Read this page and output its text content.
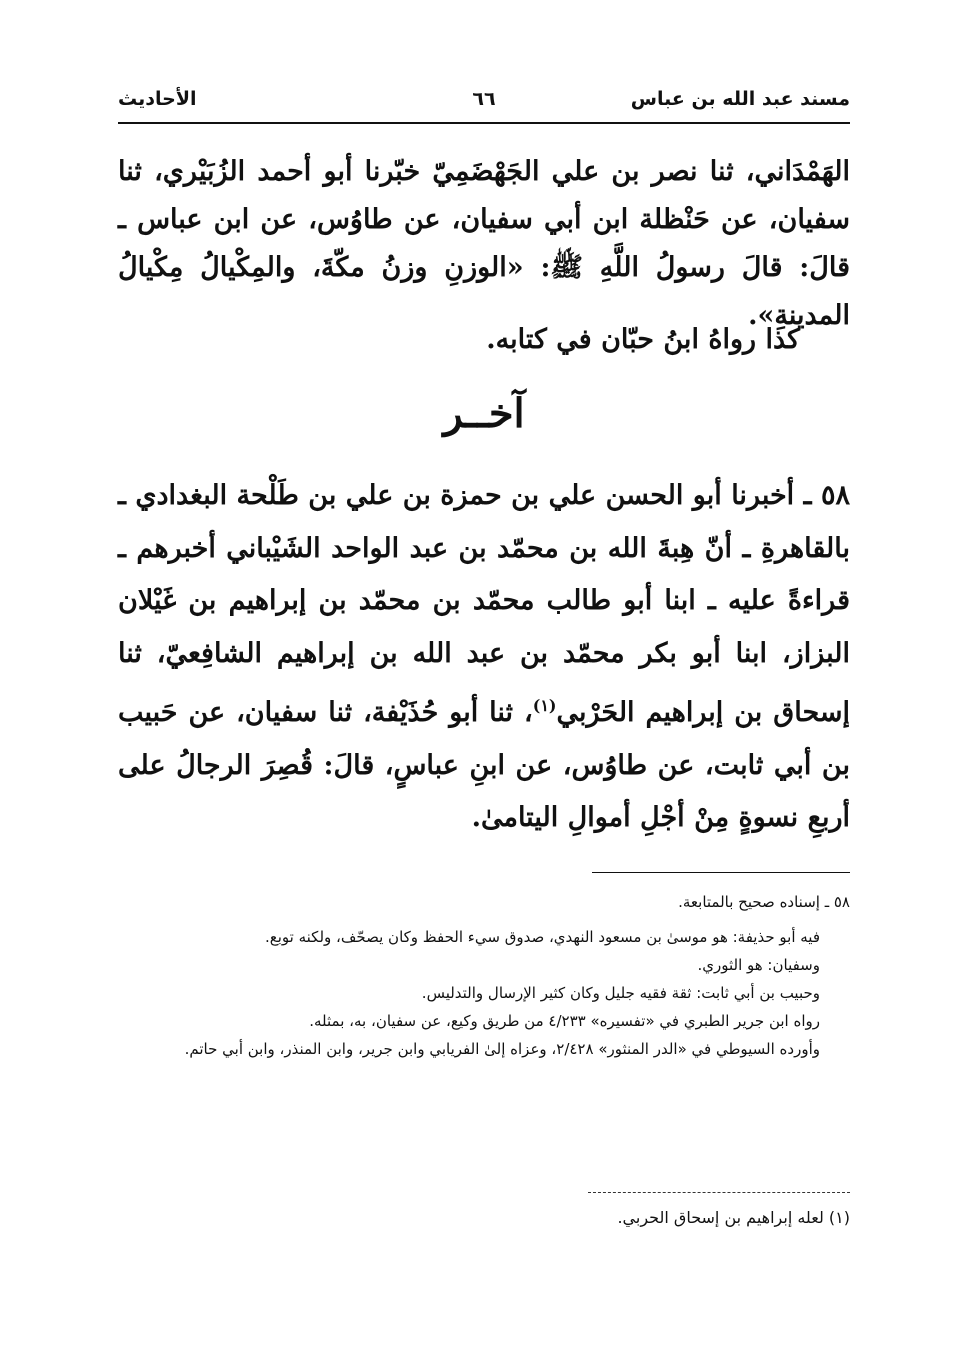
مسند عبد الله بن عباس
٦٦
الأحاديث
الهَمْدَاني، ثنا نصر بن علي الجَهْضَمِيّ خبّرنا أبو أحمد الزُبَيْري، ثنا سفيان، عن حَنْظلة ابن أبي سفيان، عن طاوُس، عن ابن عباس ـ قالَ: قالَ رسولُ اللَّهِ ﷺ: «الوزنِ وزنُ مكّةَ، والمِكْيالُ مِكْيالُ المدينةِ».
كذا رواهُ ابنُ حبّان في كتابه.
آخــر
٥٨ ـ أخبرنا أبو الحسن علي بن حمزة بن علي بن طَلْحة البغدادي ـ بالقاهرةِ ـ أنّ هِبةَ الله بن محمّد بن عبد الواحد الشَيْباني أخبرهم ـ قراءةً عليه ـ ابنا أبو طالب محمّد بن محمّد بن إبراهيم بن غَيْلان البزاز، ابنا أبو بكر محمّد بن عبد الله بن إبراهيم الشافِعيّ، ثنا إسحاق بن إبراهيم الحَرْبي$^{(١)}$، ثنا أبو حُذَيْفة، ثنا سفيان، عن حَبيب بن أبي ثابت، عن طاوُس، عن ابنِ عباسٍ، قالَ: قُصِرَ الرجالُ على أربعِ نسوةٍ مِنْ أجْلِ أموالِ اليتامىٰ.
٥٨ ـ إسناده صحيح بالمتابعة.
فيه أبو حذيفة: هو موسىٰ بن مسعود النهدي، صدوق سيء الحفظ وكان يصحّف، ولكنه توبع.
وسفيان: هو الثوري.
وحبيب بن أبي ثابت: ثقة فقيه جليل وكان كثير الإرسال والتدليس.
رواه ابن جرير الطبري في «تفسيره» ٤/٢٣٣ من طريق وكيع، عن سفيان، به، بمثله.
وأورده السيوطي في «الدر المنثور» ٢/٤٢٨، وعزاه إلىٰ الفريابي وابن جرير، وابن المنذر، وابن أبي حاتم.
(١) لعله إبراهيم بن إسحاق الحربي.
